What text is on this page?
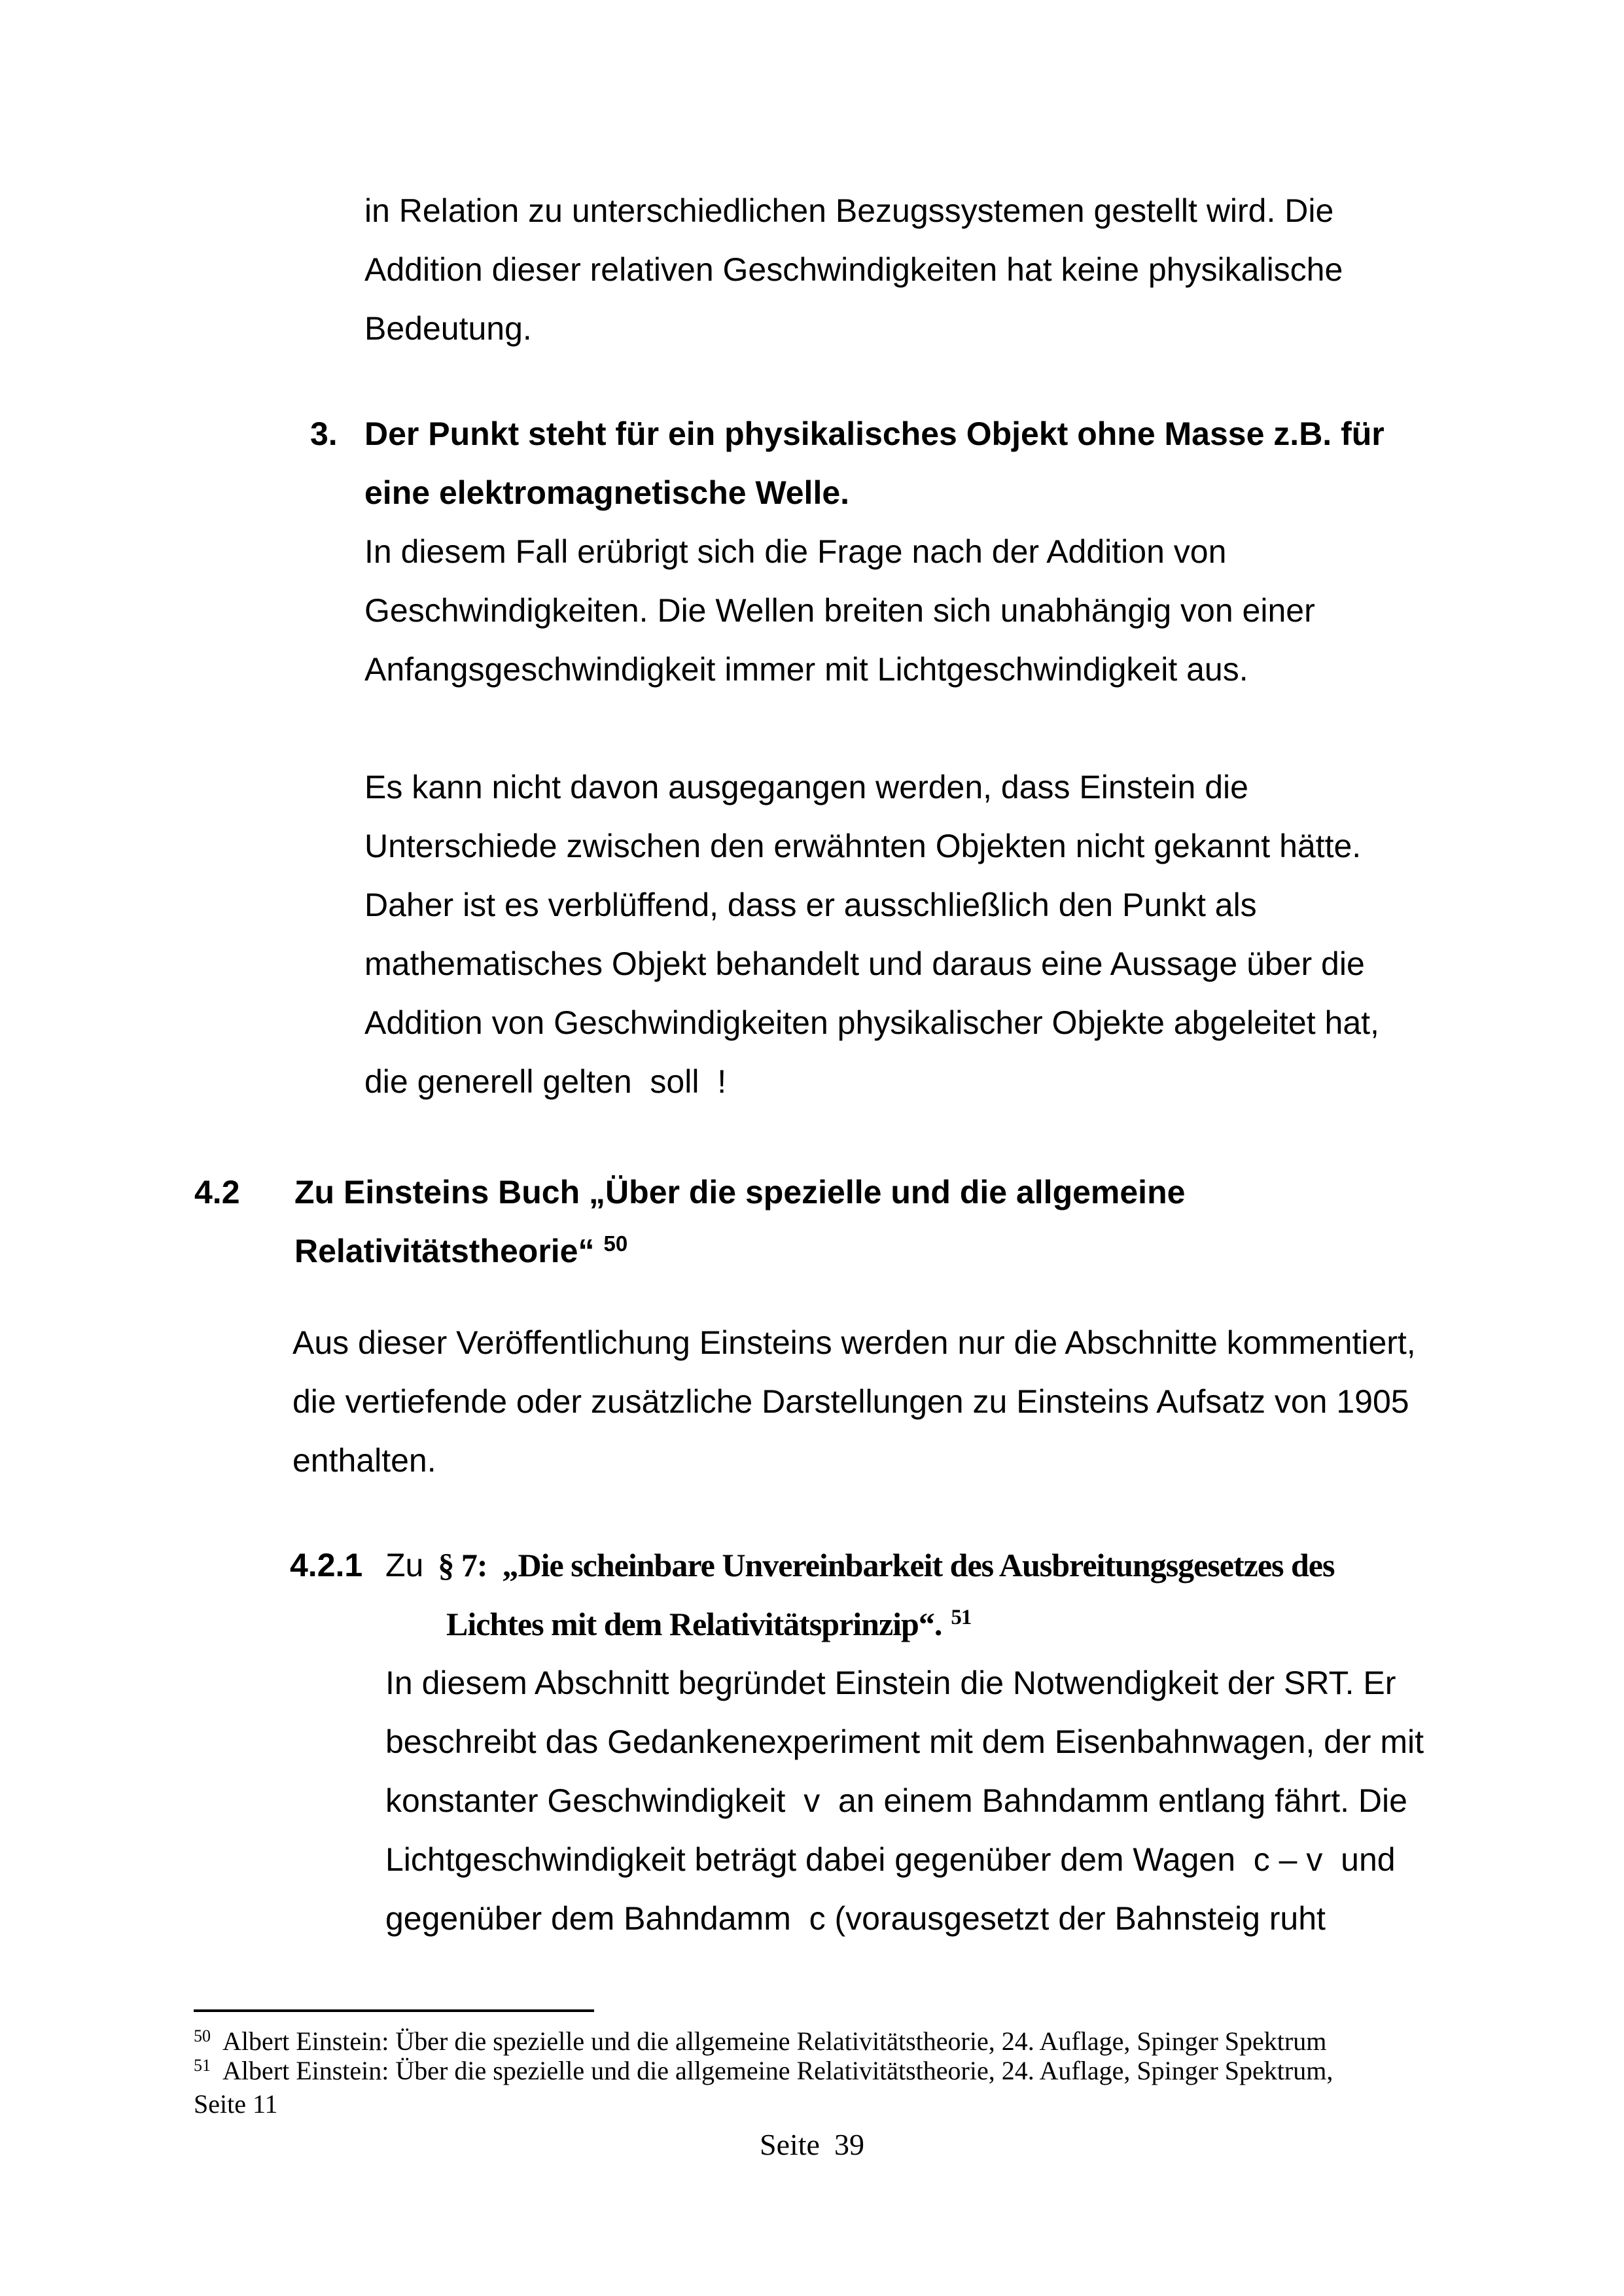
in Relation zu unterschiedlichen Bezugssystemen gestellt wird. Die
Addition dieser relativen Geschwindigkeiten hat keine physikalische
Bedeutung.
3. Der Punkt steht für ein physikalisches Objekt ohne Masse z.B. für
eine elektromagnetische Welle.
In diesem Fall erübrigt sich die Frage nach der Addition von
Geschwindigkeiten. Die Wellen breiten sich unabhängig von einer
Anfangsgeschwindigkeit immer mit Lichtgeschwindigkeit aus.
Es kann nicht davon ausgegangen werden, dass Einstein die
Unterschiede zwischen den erwähnten Objekten nicht gekannt hätte.
Daher ist es verblüffend, dass er ausschließlich den Punkt als
mathematisches Objekt behandelt und daraus eine Aussage über die
Addition von Geschwindigkeiten physikalischer Objekte abgeleitet hat,
die generell gelten  soll  !
4.2 Zu Einsteins Buch „Über die spezielle und die allgemeine
Relativitätstheorie“ $^{50}$
Aus dieser Veröffentlichung Einsteins werden nur die Abschnitte kommentiert,
die vertiefende oder zusätzliche Darstellungen zu Einsteins Aufsatz von 1905
enthalten.
4.2.1 Zu § 7:  „Die scheinbare Unvereinbarkeit des Ausbreitungsgesetzes des
Lichtes mit dem Relativitätsprinzip“. $^{51}$
In diesem Abschnitt begründet Einstein die Notwendigkeit der SRT. Er
beschreibt das Gedankenexperiment mit dem Eisenbahnwagen, der mit
konstanter Geschwindigkeit  v  an einem Bahndamm entlang fährt. Die
Lichtgeschwindigkeit beträgt dabei gegenüber dem Wagen  c – v  und
gegenüber dem Bahndamm  c (vorausgesetzt der Bahnsteig ruht
$^{50}$ Albert Einstein: Über die spezielle und die allgemeine Relativitätstheorie, 24. Auflage, Spinger Spektrum
$^{51}$ Albert Einstein: Über die spezielle und die allgemeine Relativitätstheorie, 24. Auflage, Spinger Spektrum,
Seite 11
Seite 39
